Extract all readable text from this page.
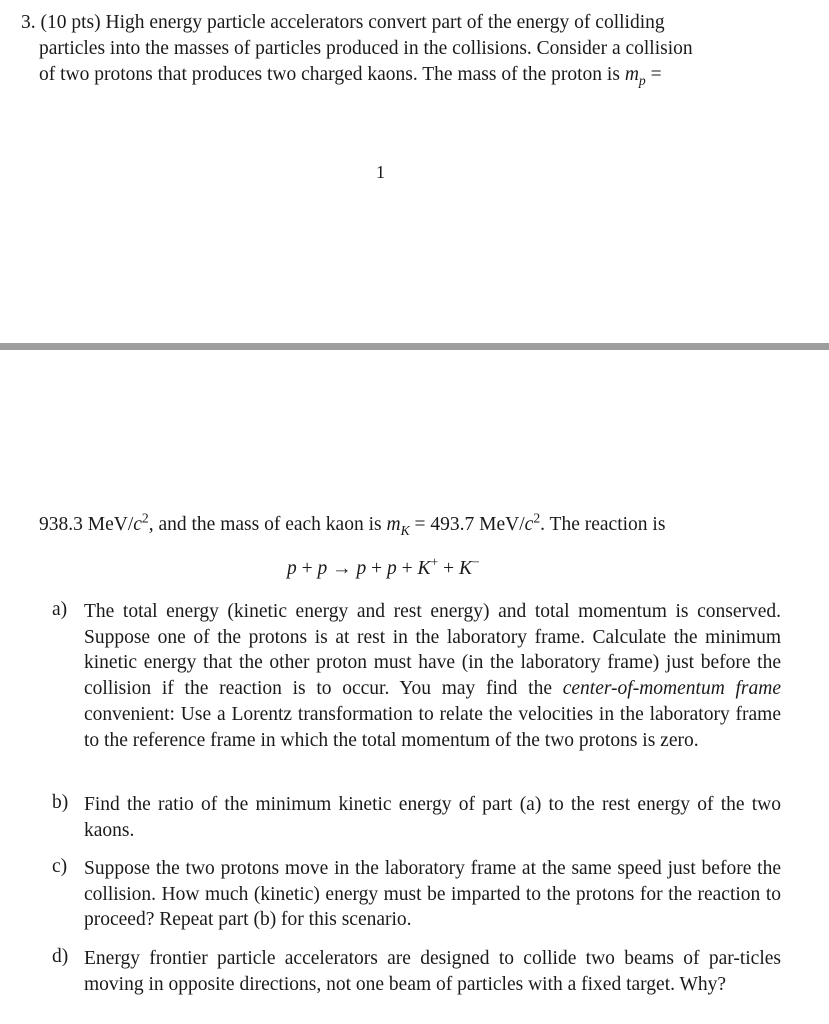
3. (10 pts) High energy particle accelerators convert part of the energy of colliding
particles into the masses of particles produced in the collisions. Consider a collision
of two protons that produces two charged kaons. The mass of the proton is $m_p$ =
1
938.3 MeV/$c^2$, and the mass of each kaon is $m_K = 493.7$ MeV/$c^2$. The reaction is
p + p → p + p + K+ + K−
a) The total energy (kinetic energy and rest energy) and total momentum is conserved. Suppose one of the protons is at rest in the laboratory frame. Calculate the minimum kinetic energy that the other proton must have (in the laboratory frame) just before the collision if the reaction is to occur. You may find the center-of-momentum frame convenient: Use a Lorentz transformation to relate the velocities in the laboratory frame to the reference frame in which the total momentum of the two protons is zero.
b) Find the ratio of the minimum kinetic energy of part (a) to the rest energy of the two kaons.
c) Suppose the two protons move in the laboratory frame at the same speed just before the collision. How much (kinetic) energy must be imparted to the protons for the reaction to proceed? Repeat part (b) for this scenario.
d) Energy frontier particle accelerators are designed to collide two beams of par-ticles moving in opposite directions, not one beam of particles with a fixed target. Why?
